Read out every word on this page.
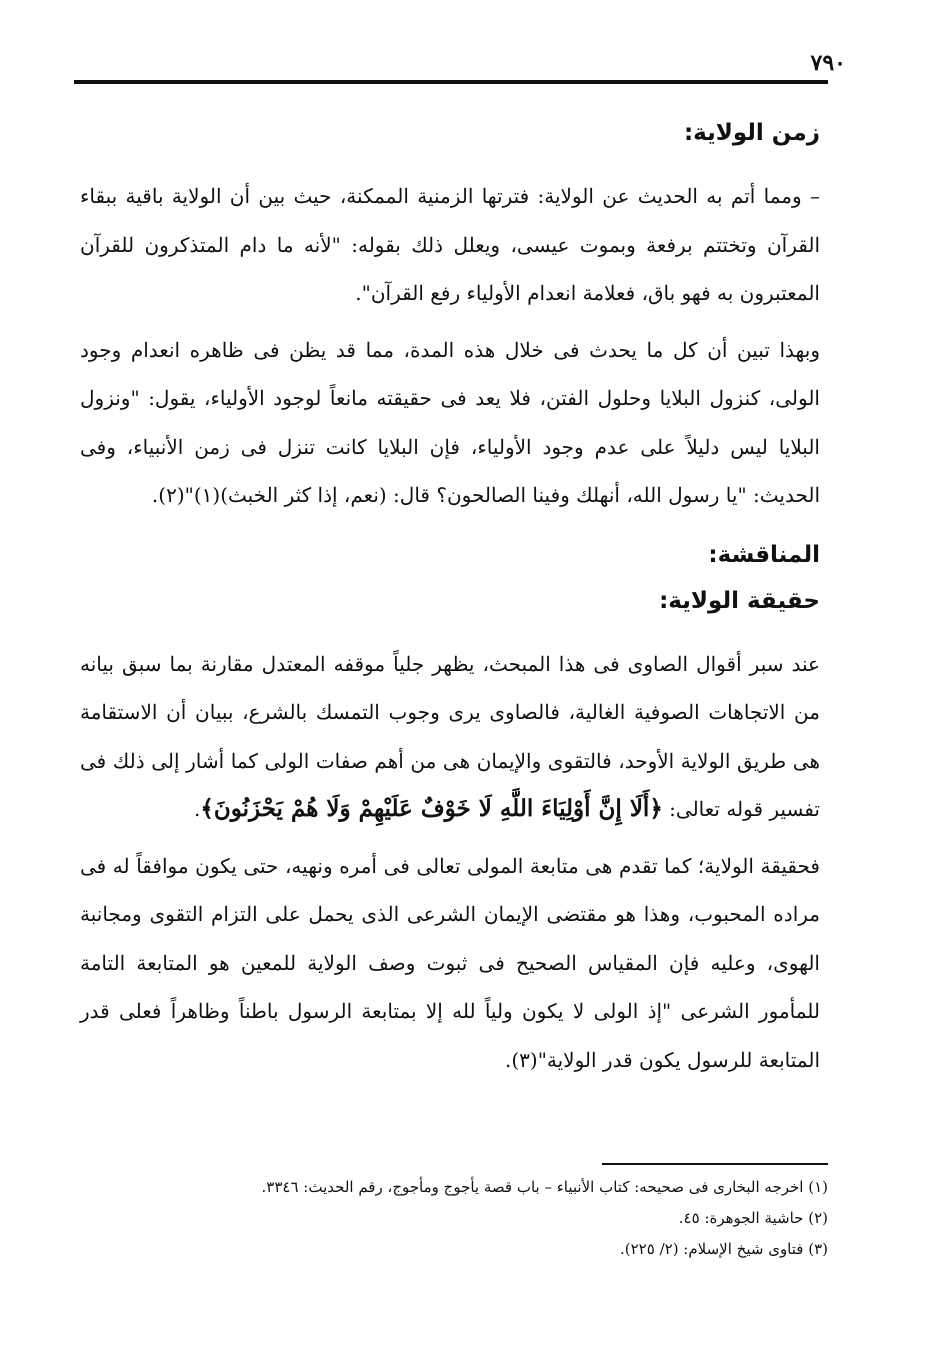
٧٩٠
زمن الولاية:

– ومما أتم به الحديث عن الولاية: فترتها الزمنية الممكنة، حيث بين أن الولاية باقية ببقاء القرآن وتختتم برفعة وبموت عيسى، ويعلل ذلك بقوله: "لأنه ما دام المتذكرون للقرآن المعتبرون به فهو باق، فعلامة انعدام الأولياء رفع القرآن".

وبهذا تبين أن كل ما يحدث فى خلال هذه المدة، مما قد يظن فى ظاهره انعدام وجود الولى، كنزول البلايا وحلول الفتن، فلا يعد فى حقيقته مانعاً لوجود الأولياء، يقول: "ونزول البلايا ليس دليلاً على عدم وجود الأولياء، فإن البلايا كانت تنزل فى زمن الأنبياء، وفى الحديث: "يا رسول الله، أنهلك وفينا الصالحون؟ قال: (نعم، إذا كثر الخبث)(١)"(٢).

المناقشة:
حقيقة الولاية:

عند سبر أقوال الصاوى فى هذا المبحث، يظهر جلياً موقفه المعتدل مقارنة بما سبق بيانه من الاتجاهات الصوفية الغالية، فالصاوى يرى وجوب التمسك بالشرع، ببيان أن الاستقامة هى طريق الولاية الأوحد، فالتقوى والإيمان هى من أهم صفات الولى كما أشار إلى ذلك فى تفسير قوله تعالى: ﴿أَلَا إِنَّ أَوْلِيَاءَ اللَّهِ لَا خَوْفٌ عَلَيْهِمْ وَلَا هُمْ يَحْزَنُونَ﴾.

فحقيقة الولاية؛ كما تقدم هى متابعة المولى تعالى فى أمره ونهيه، حتى يكون موافقاً له فى مراده المحبوب، وهذا هو مقتضى الإيمان الشرعى الذى يحمل على التزام التقوى ومجانبة الهوى، وعليه فإن المقياس الصحيح فى ثبوت وصف الولاية للمعين هو المتابعة التامة للمأمور الشرعى "إذ الولى لا يكون ولياً لله إلا بمتابعة الرسول باطناً وظاهراً فعلى قدر المتابعة للرسول يكون قدر الولاية"(٣).

(١) اخرجه البخارى فى صحيحه: كتاب الأنبياء – باب قصة يأجوج ومأجوج، رقم الحديث: ٣٣٤٦.

(٢) حاشية الجوهرة: ٤٥.

(٣) فتاوى شيخ الإسلام: (٢/ ٢٢٥).
